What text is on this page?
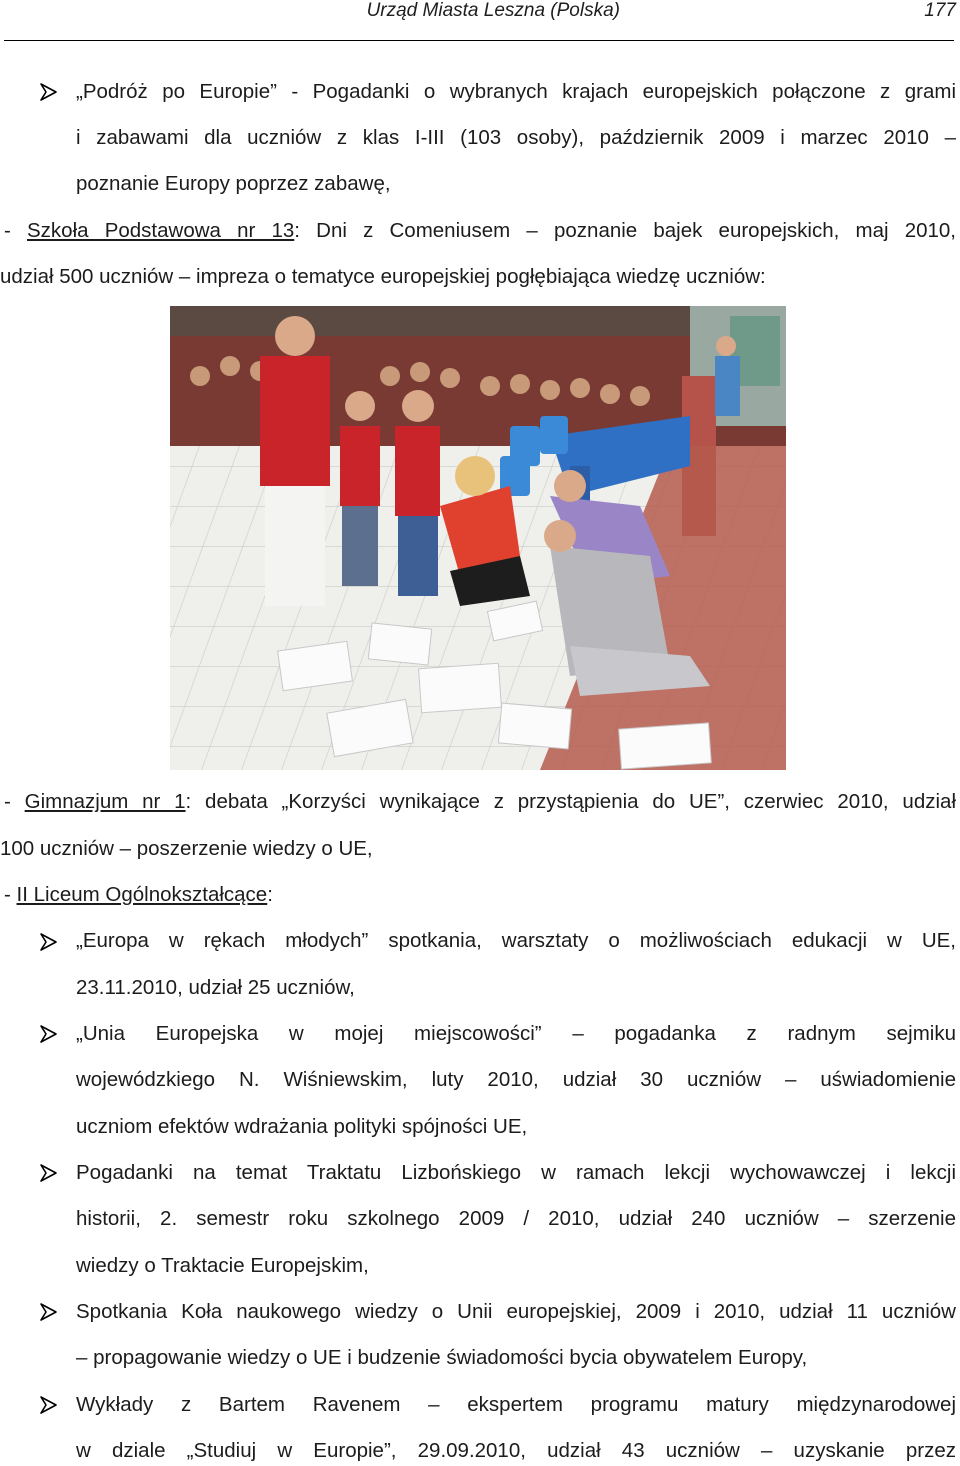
Urząd Miasta Leszna (Polska)	177
„Podróż po Europie” - Pogadanki o wybranych krajach europejskich połączone z grami
i zabawami dla uczniów z klas I-III (103 osoby), październik 2009 i marzec 2010 –
poznanie Europy poprzez zabawę,
- Szkoła Podstawowa nr 13: Dni z Comeniusem – poznanie bajek europejskich, maj 2010,
udział 500 uczniów – impreza o tematyce europejskiej pogłębiająca wiedzę uczniów:
- Gimnazjum nr 1: debata „Korzyści wynikające z przystąpienia do UE”, czerwiec 2010, udział
100 uczniów – poszerzenie wiedzy o UE,
- II Liceum Ogólnokształcące:
„Europa w rękach młodych” spotkania, warsztaty o możliwościach edukacji w UE,
23.11.2010, udział 25 uczniów,
„Unia Europejska w mojej miejscowości” – pogadanka z radnym sejmiku
wojewódzkiego N. Wiśniewskim, luty 2010, udział 30 uczniów – uświadomienie
uczniom efektów wdrażania polityki spójności UE,
Pogadanki na temat Traktatu Lizbońskiego w ramach lekcji wychowawczej i lekcji
historii, 2. semestr roku szkolnego 2009 / 2010, udział 240 uczniów – szerzenie
wiedzy o Traktacie Europejskim,
Spotkania Koła naukowego wiedzy o Unii europejskiej, 2009 i 2010, udział 11 uczniów
– propagowanie wiedzy o UE i budzenie świadomości bycia obywatelem Europy,
Wykłady z Bartem Ravenem – ekspertem programu matury międzynarodowej
w dziale „Studiuj w Europie”, 29.09.2010, udział 43 uczniów – uzyskanie przez
